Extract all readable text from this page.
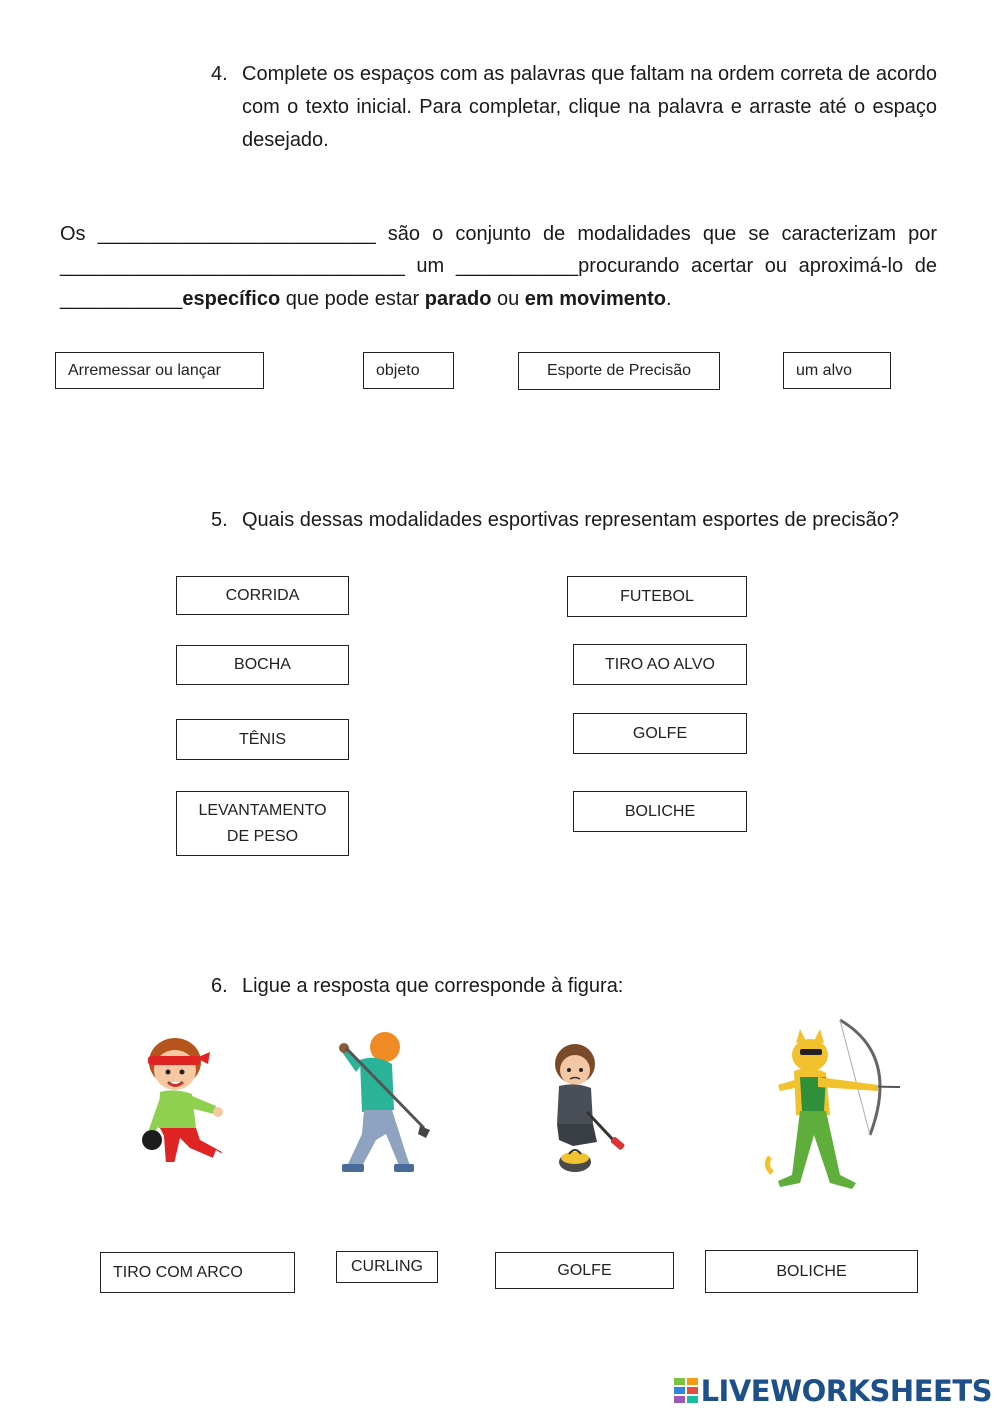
4. Complete os espaços com as palavras que faltam na ordem correta de acordo com o texto inicial. Para completar, clique na palavra e arraste até o espaço desejado.
Os _________________________ são o conjunto de modalidades que se caracterizam por
_______________________________ um ___________procurando acertar ou aproximá-lo de
___________específico que pode estar parado ou em movimento.
Arremessar ou lançar	objeto	Esporte de Precisão	um alvo
5. Quais dessas modalidades esportivas representam esportes de precisão?
CORRIDA
BOCHA
TÊNIS
LEVANTAMENTO
DE PESO
FUTEBOL
TIRO AO ALVO
GOLFE
BOLICHE
6. Ligue a resposta que corresponde à figura:
TIRO COM ARCO	CURLING	GOLFE	BOLICHE
LIVEWORKSHEETS
